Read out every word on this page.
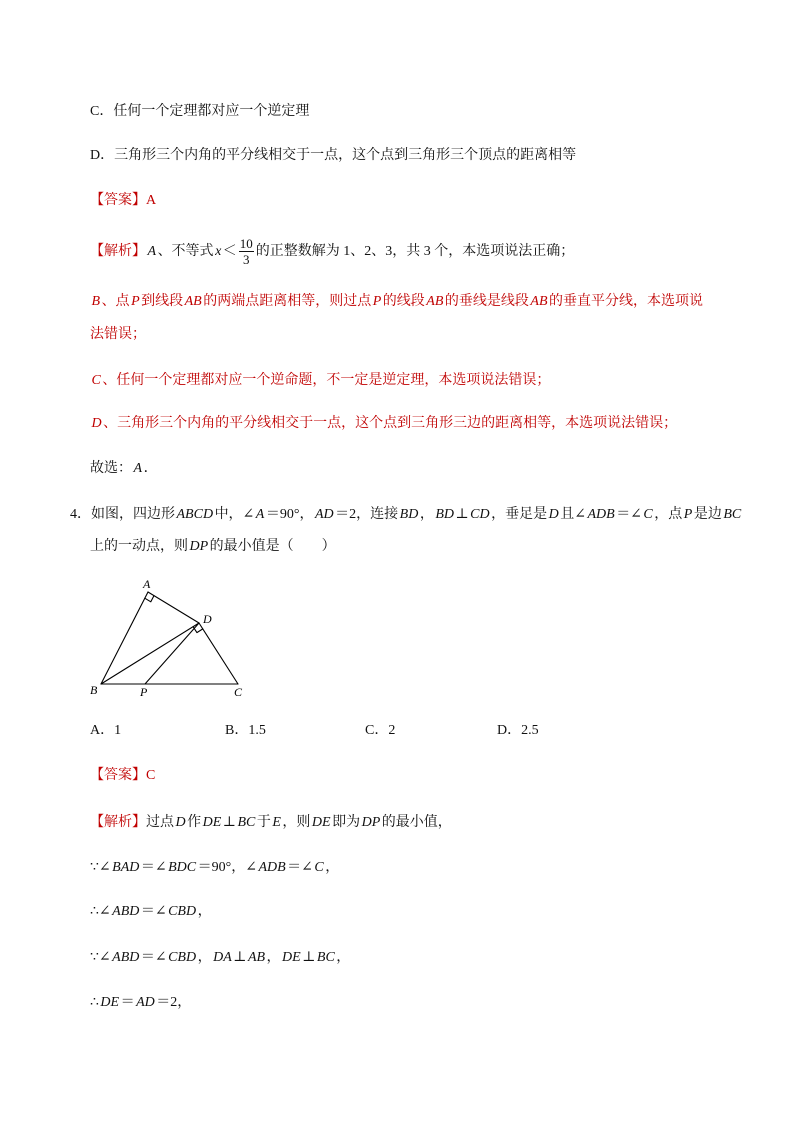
C．任何一个定理都对应一个逆定理
D．三角形三个内角的平分线相交于一点，这个点到三角形三个顶点的距离相等
【答案】A
【解析】 A 、不等式 $x < \frac{10}{3}$ 的正整数解为 1、2、3，共 3 个，本选项说法正确；
B 、点 P 到线段 AB 的两端点距离相等，则过点 P 的线段 AB 的垂线是线段 AB 的垂直平分线，本选项说
法错误；
C 、任何一个定理都对应一个逆命题，不一定是逆定理，本选项说法错误；
D 、三角形三个内角的平分线相交于一点，这个点到三角形三边的距离相等，本选项说法错误；
故选： A ．
4．如图，四边形 ABCD 中，∠ A ＝90°， AD ＝2，连接 BD ， BD ⊥ CD ，垂足是 D 且∠ ADB ＝∠ C ，点 P 是边 BC
上的一动点，则 DP 的最小值是（　　）
A
D
B	P	C
A．1	B．1.5	C．2	D．2.5
【答案】C
【解析】过点 D 作 DE ⊥ BC 于 E ，则 DE 即为 DP 的最小值，
∵∠ BAD ＝∠ BDC ＝90°，∠ ADB ＝∠ C ，
∴∠ ABD ＝∠ CBD ，
∵∠ ABD ＝∠ CBD ， DA ⊥ AB ， DE ⊥ BC ，
∴ DE ＝ AD ＝2，
